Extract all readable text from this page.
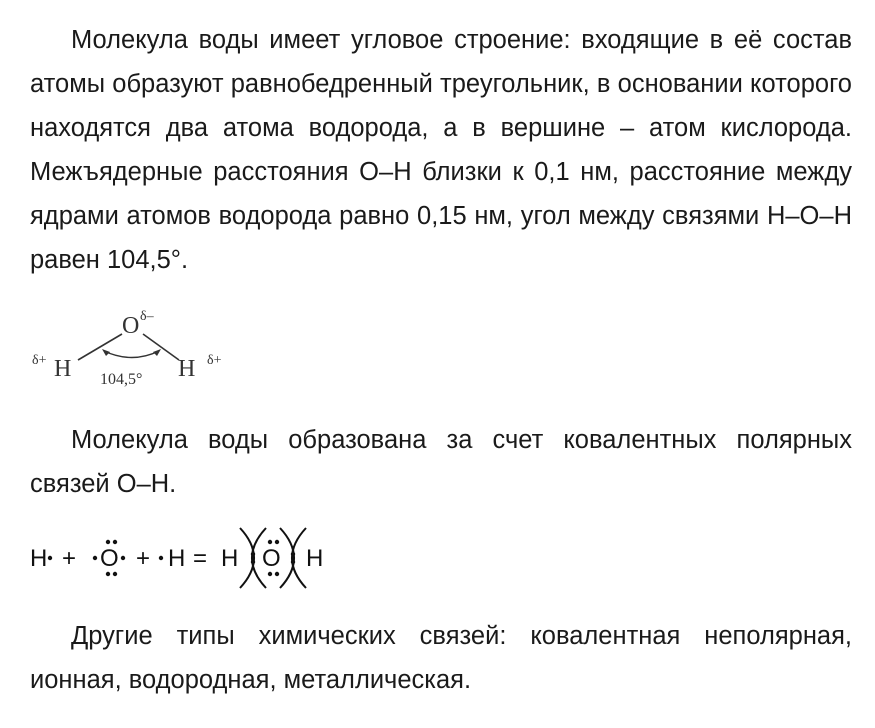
Молекула воды имеет угловое строение: входящие в её состав атомы образуют равнобедренный треугольник, в основании которого находятся два атома водорода, а в вершине – атом кислорода. Межъядерные расстояния О–Н близки к 0,1 нм, расстояние между ядрами атомов водорода равно 0,15 нм, угол между связями Н–О–Н равен 104,5°.

O δ–
δ+ H 104,5° H δ+

Молекула воды образована за счет ковалентных полярных связей О–Н.

H + O + H = H O H

Другие типы химических связей: ковалентная неполярная, ионная, водородная, металлическая.
